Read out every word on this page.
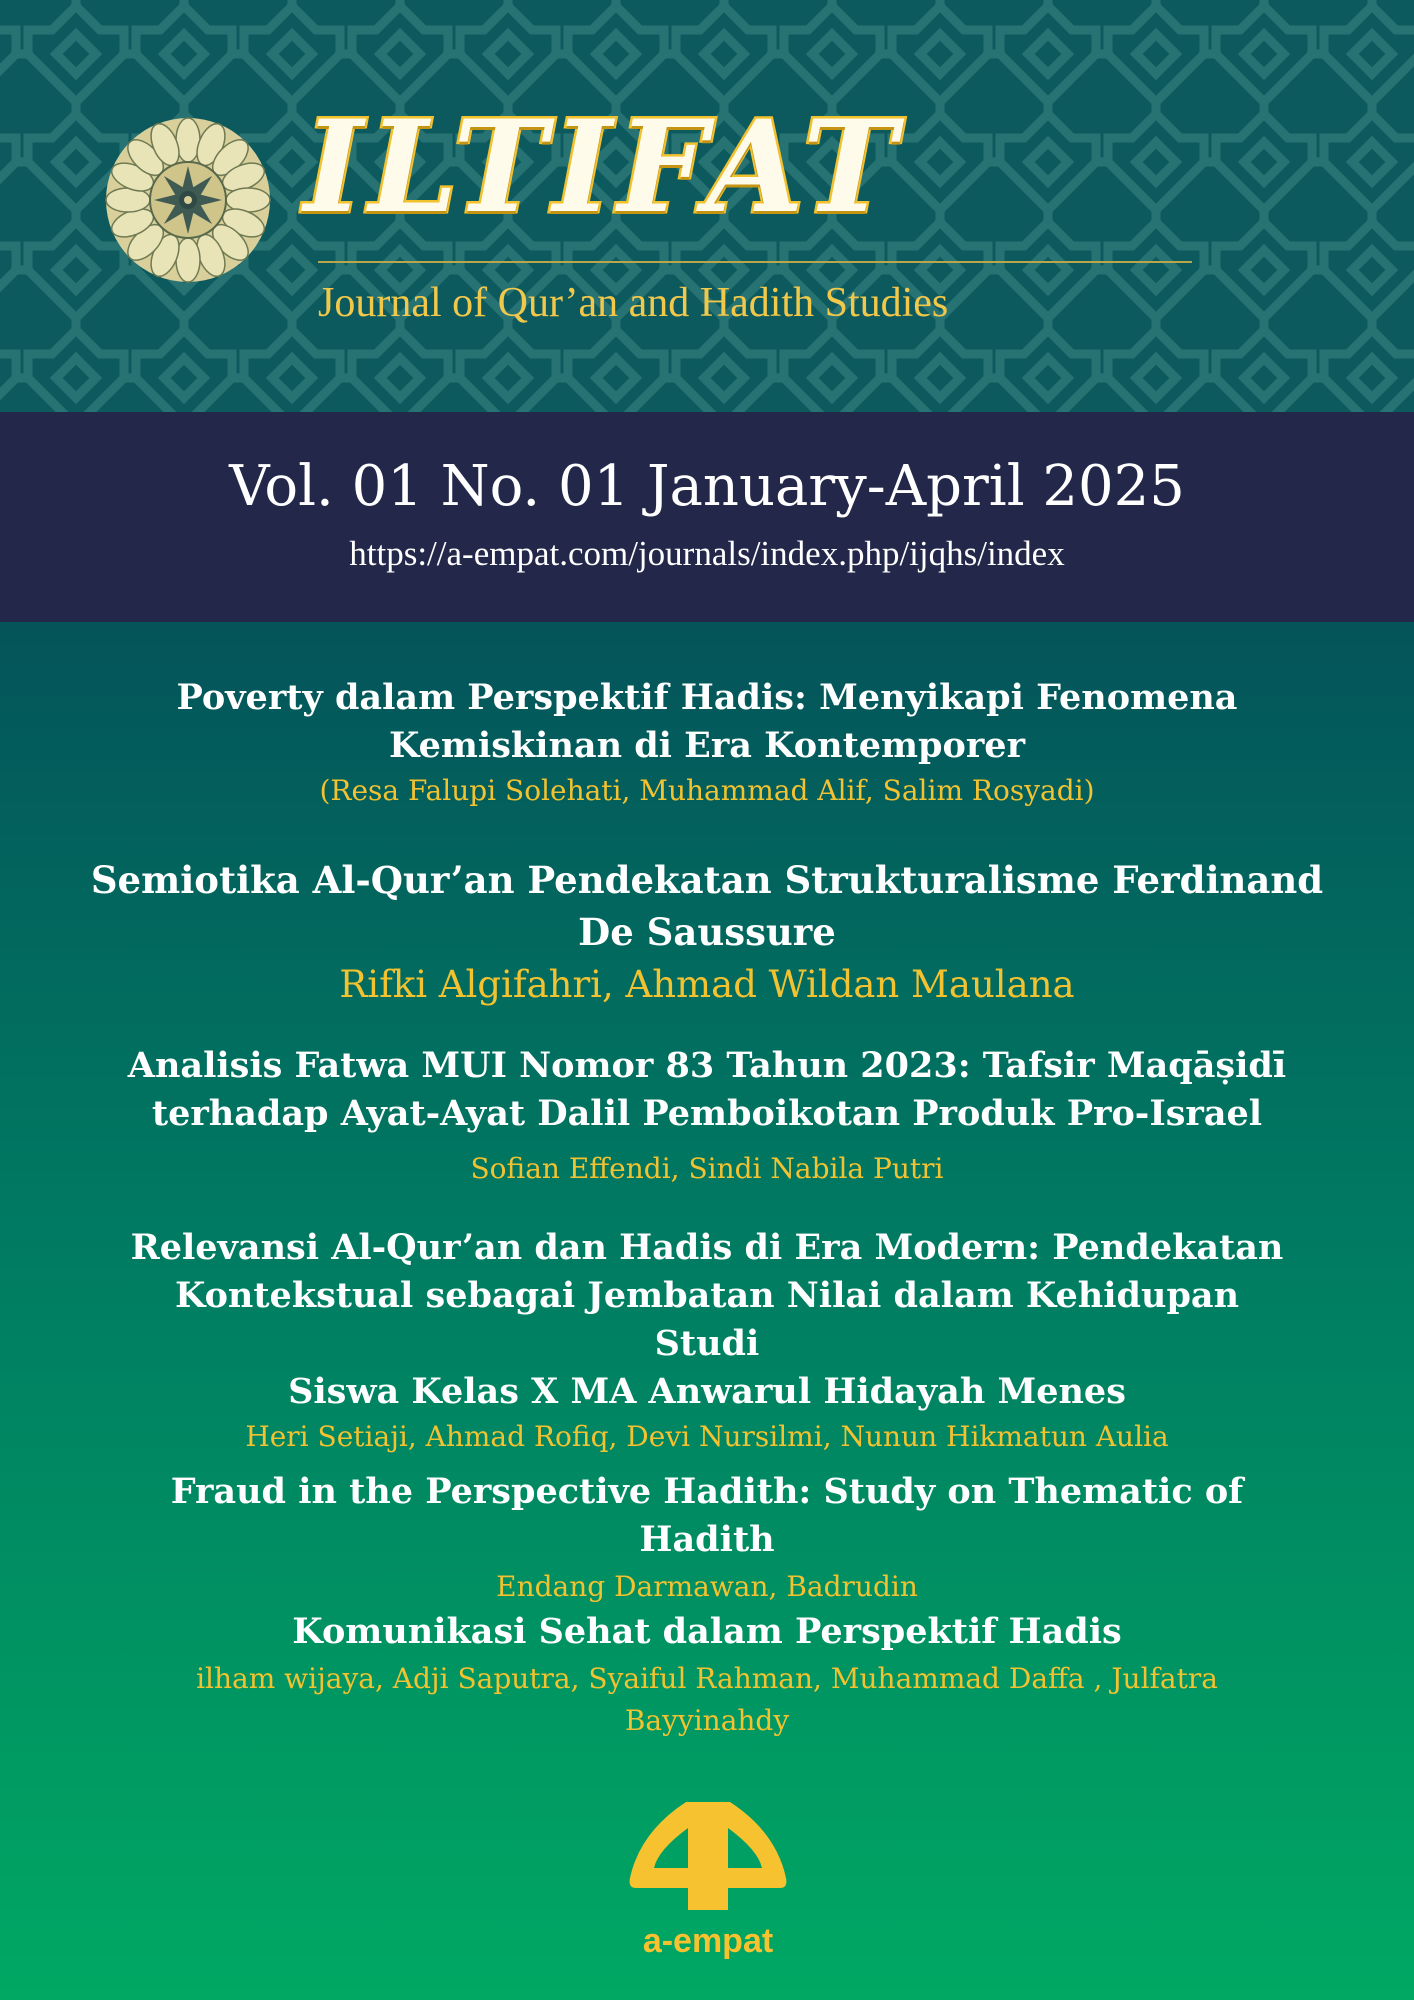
ILTIFAT
Journal of Qur’an and Hadith Studies
Vol. 01 No. 01 January-April 2025
https://a-empat.com/journals/index.php/ijqhs/index
Poverty dalam Perspektif Hadis: Menyikapi Fenomena
Kemiskinan di Era Kontemporer
(Resa Falupi Solehati, Muhammad Alif, Salim Rosyadi)
Semiotika Al-Qur’an Pendekatan Strukturalisme Ferdinand
De Saussure
Rifki Algifahri, Ahmad Wildan Maulana
Analisis Fatwa MUI Nomor 83 Tahun 2023: Tafsir Maqāṣidī
terhadap Ayat-Ayat Dalil Pemboikotan Produk Pro-Israel
Sofian Effendi, Sindi Nabila Putri
Relevansi Al-Qur’an dan Hadis di Era Modern: Pendekatan
Kontekstual sebagai Jembatan Nilai dalam Kehidupan Studi
Siswa Kelas X MA Anwarul Hidayah Menes
Heri Setiaji, Ahmad Rofiq, Devi Nursilmi, Nunun Hikmatun Aulia
Fraud in the Perspective Hadith: Study on Thematic of Hadith
Endang Darmawan, Badrudin
Komunikasi Sehat dalam Perspektif Hadis
ilham wijaya, Adji Saputra, Syaiful Rahman, Muhammad Daffa , Julfatra
Bayyinahdy
a-empat
